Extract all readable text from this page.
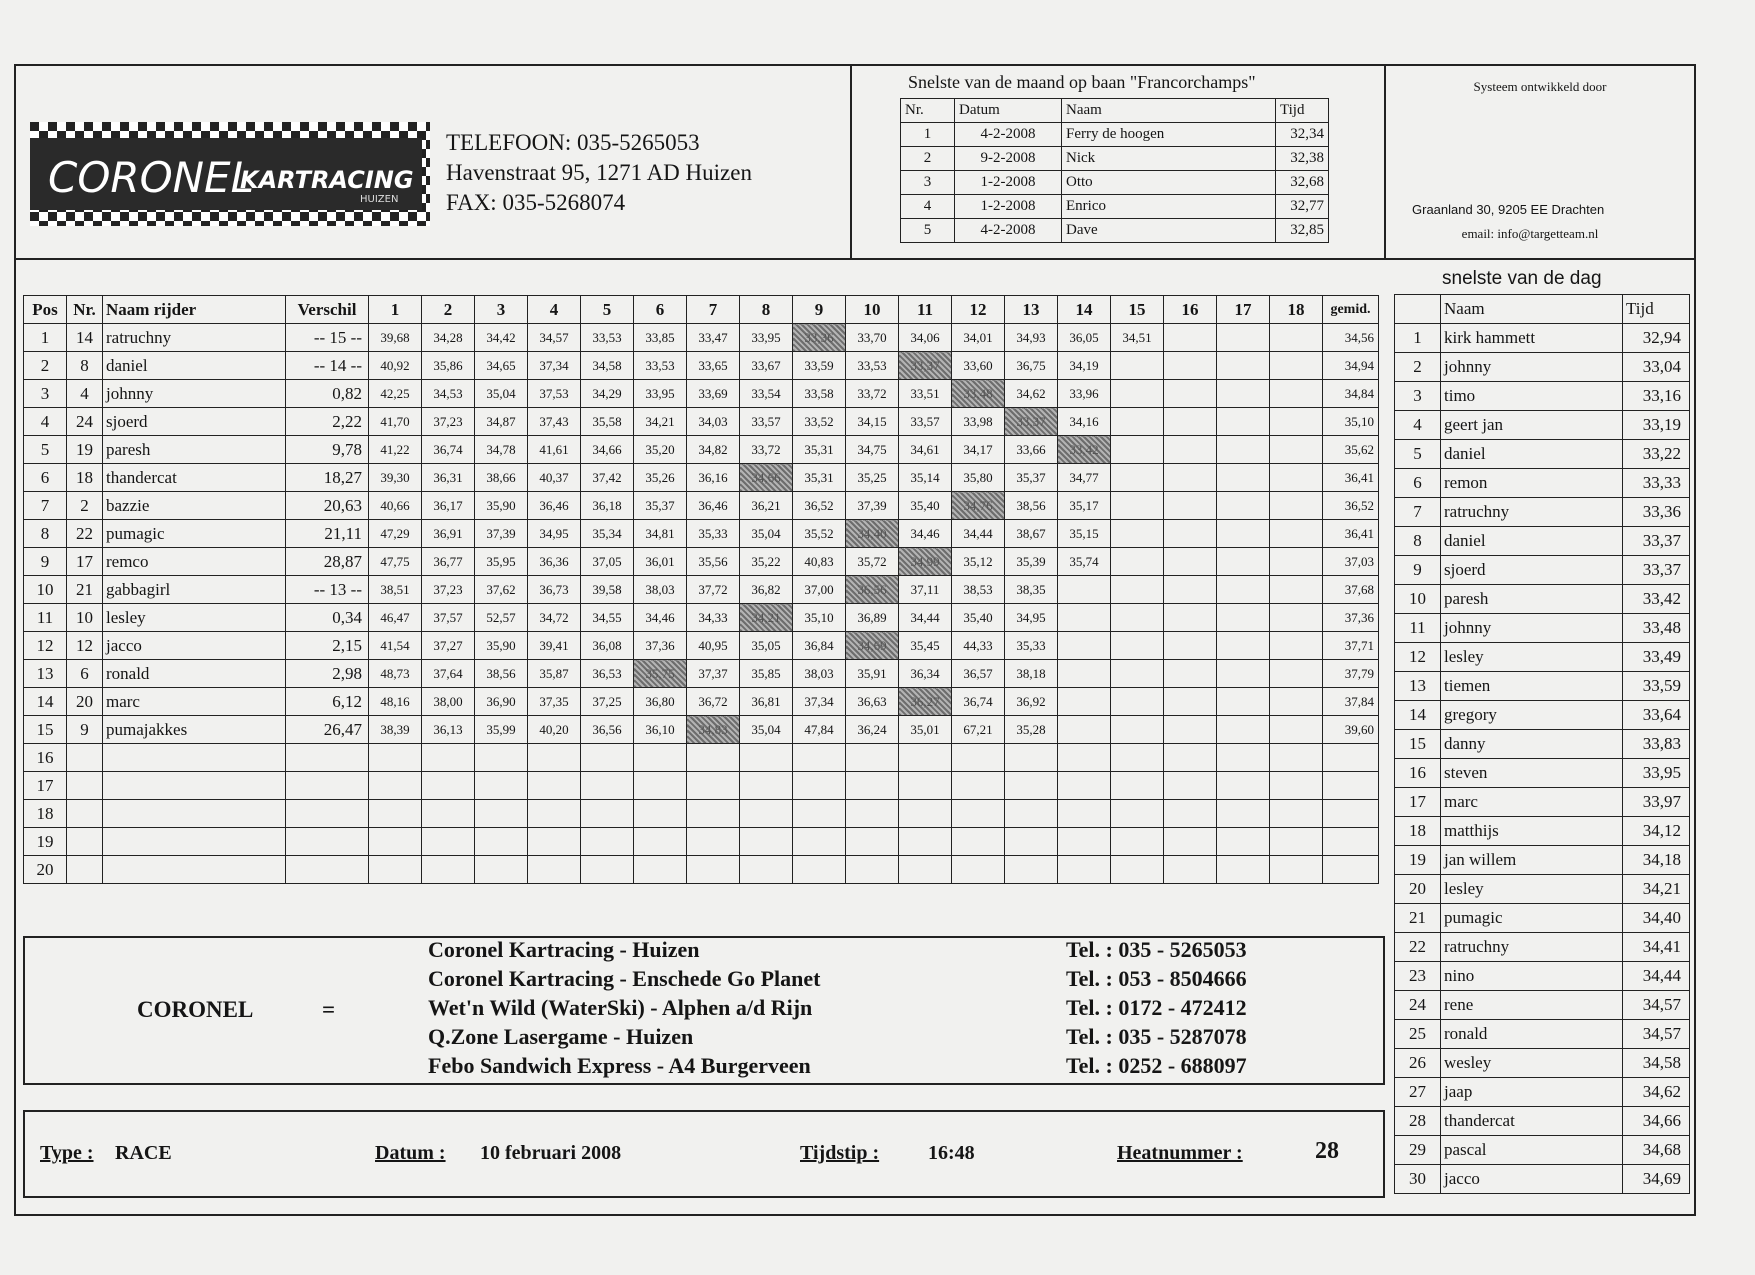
CORONEL
KARTRACING
HUIZEN
TELEFOON: 035-5265053
Havenstraat 95, 1271 AD Huizen
FAX: 035-5268074
Snelste van de maand op baan "Francorchamps"
Nr.	Datum	Naam	Tijd
1	4-2-2008	Ferry de hoogen	32,34
2	9-2-2008	Nick	32,38
3	1-2-2008	Otto	32,68
4	1-2-2008	Enrico	32,77
5	4-2-2008	Dave	32,85
Systeem ontwikkeld door
Graanland 30, 9205 EE Drachten
email: info@targetteam.nl
Pos	Nr.	Naam rijder	Verschil	1	2	3	4	5	6	7	8	9	10	11	12	13	14	15	16	17	18	gemid.
1	14	ratruchny	-- 15 --	39,68	34,28	34,42	34,57	33,53	33,85	33,47	33,95	33,36	33,70	34,06	34,01	34,93	36,05	34,51				34,56
2	8	daniel	-- 14 --	40,92	35,86	34,65	37,34	34,58	33,53	33,65	33,67	33,59	33,53	33,37	33,60	36,75	34,19					34,94
3	4	johnny	0,82	42,25	34,53	35,04	37,53	34,29	33,95	33,69	33,54	33,58	33,72	33,51	33,48	34,62	33,96					34,84
4	24	sjoerd	2,22	41,70	37,23	34,87	37,43	35,58	34,21	34,03	33,57	33,52	34,15	33,57	33,98	33,37	34,16					35,10
5	19	paresh	9,78	41,22	36,74	34,78	41,61	34,66	35,20	34,82	33,72	35,31	34,75	34,61	34,17	33,66	33,42					35,62
6	18	thandercat	18,27	39,30	36,31	38,66	40,37	37,42	35,26	36,16	34,66	35,31	35,25	35,14	35,80	35,37	34,77					36,41
7	2	bazzie	20,63	40,66	36,17	35,90	36,46	36,18	35,37	36,46	36,21	36,52	37,39	35,40	34,76	38,56	35,17					36,52
8	22	pumagic	21,11	47,29	36,91	37,39	34,95	35,34	34,81	35,33	35,04	35,52	34,40	34,46	34,44	38,67	35,15					36,41
9	17	remco	28,87	47,75	36,77	35,95	36,36	37,05	36,01	35,56	35,22	40,83	35,72	34,99	35,12	35,39	35,74					37,03
10	21	gabbagirl	-- 13 --	38,51	37,23	37,62	36,73	39,58	38,03	37,72	36,82	37,00	36,56	37,11	38,53	38,35						37,68
11	10	lesley	0,34	46,47	37,57	52,57	34,72	34,55	34,46	34,33	34,21	35,10	36,89	34,44	35,40	34,95						37,36
12	12	jacco	2,15	41,54	37,27	35,90	39,41	36,08	37,36	40,95	35,05	36,84	34,69	35,45	44,33	35,33						37,71
13	6	ronald	2,98	48,73	37,64	38,56	35,87	36,53	35,75	37,37	35,85	38,03	35,91	36,34	36,57	38,18						37,79
14	20	marc	6,12	48,16	38,00	36,90	37,35	37,25	36,80	36,72	36,81	37,34	36,63	36,27	36,74	36,92						37,84
15	9	pumajakkes	26,47	38,39	36,13	35,99	40,20	36,56	36,10	34,83	35,04	47,84	36,24	35,01	67,21	35,28						39,60
16																						
17																						
18																						
19																						
20																						
snelste van de dag
	Naam	Tijd
1	kirk hammett	32,94
2	johnny	33,04
3	timo	33,16
4	geert jan	33,19
5	daniel	33,22
6	remon	33,33
7	ratruchny	33,36
8	daniel	33,37
9	sjoerd	33,37
10	paresh	33,42
11	johnny	33,48
12	lesley	33,49
13	tiemen	33,59
14	gregory	33,64
15	danny	33,83
16	steven	33,95
17	marc	33,97
18	matthijs	34,12
19	jan willem	34,18
20	lesley	34,21
21	pumagic	34,40
22	ratruchny	34,41
23	nino	34,44
24	rene	34,57
25	ronald	34,57
26	wesley	34,58
27	jaap	34,62
28	thandercat	34,66
29	pascal	34,68
30	jacco	34,69
CORONEL	=
Coronel Kartracing - Huizen
Coronel Kartracing - Enschede Go Planet
Wet'n Wild (WaterSki) - Alphen a/d Rijn
Q.Zone Lasergame - Huizen
Febo Sandwich Express - A4 Burgerveen
Tel. : 035 - 5265053
Tel. : 053 - 8504666
Tel. : 0172 - 472412
Tel. : 035 - 5287078
Tel. : 0252 - 688097
Type : RACE	Datum : 10 februari 2008	Tijdstip : 16:48	Heatnummer :	28
